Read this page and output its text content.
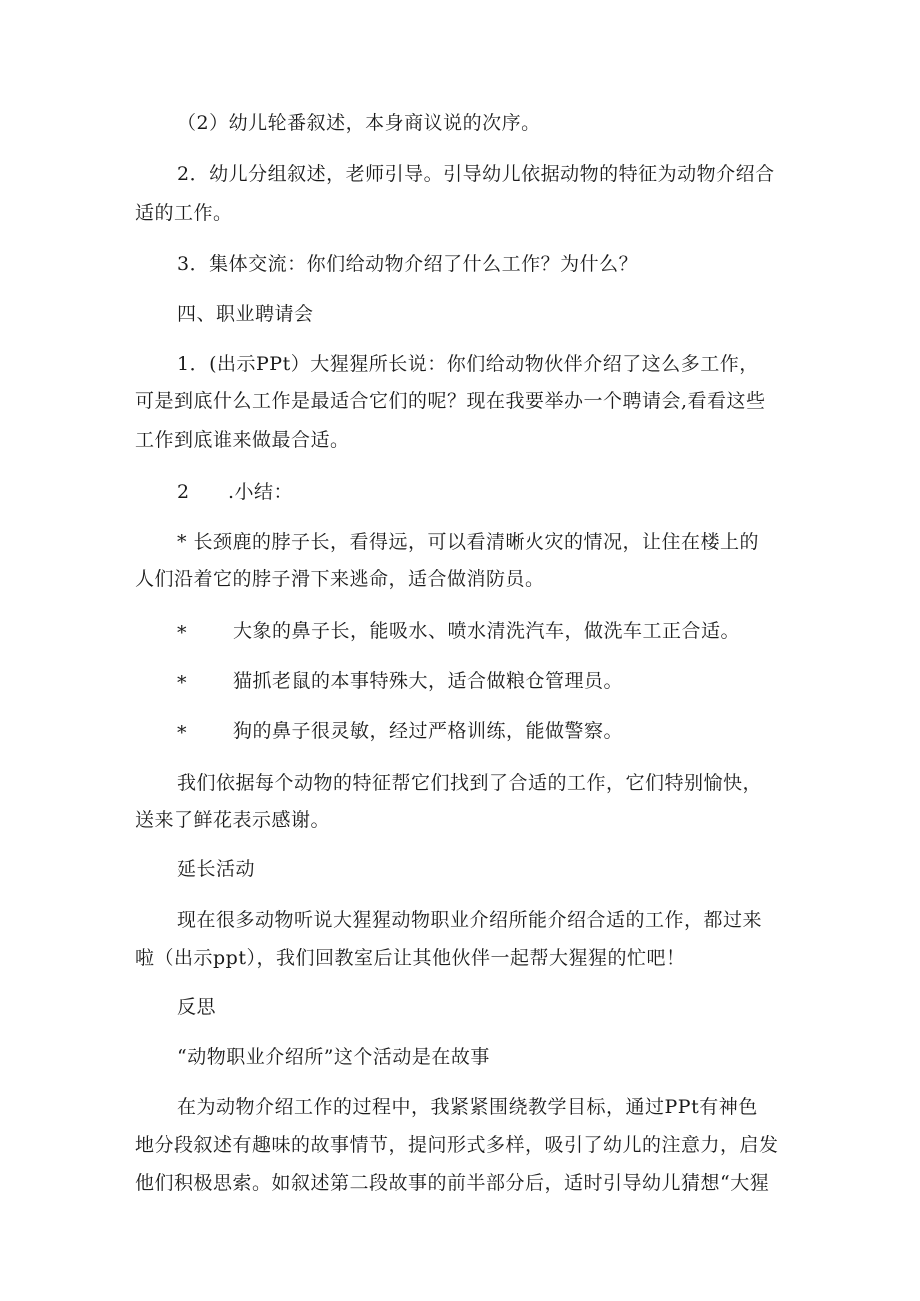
（2）幼儿轮番叙述，本身商议说的次序。
2．幼儿分组叙述，老师引导。引导幼儿依据动物的特征为动物介绍合
适的工作。
3．集体交流：你们给动物介绍了什么工作？为什么？
四、职业聘请会
1．(出示PPt）大猩猩所长说：你们给动物伙伴介绍了这么多工作，
可是到底什么工作是最适合它们的呢？现在我要举办一个聘请会,看看这些
工作到底谁来做最合适。
2 .小结：
* 长颈鹿的脖子长，看得远，可以看清晰火灾的情况，让住在楼上的
人们沿着它的脖子滑下来逃命，适合做消防员。
* 大象的鼻子长，能吸水、喷水清洗汽车，做洗车工正合适。
* 猫抓老鼠的本事特殊大，适合做粮仓管理员。
* 狗的鼻子很灵敏，经过严格训练，能做警察。
我们依据每个动物的特征帮它们找到了合适的工作，它们特别愉快，
送来了鲜花表示感谢。
延长活动
现在很多动物听说大猩猩动物职业介绍所能介绍合适的工作，都过来
啦（出示ppt），我们回教室后让其他伙伴一起帮大猩猩的忙吧！
反思
“动物职业介绍所”这个活动是在故事
在为动物介绍工作的过程中，我紧紧围绕教学目标，通过PPt有神色
地分段叙述有趣味的故事情节，提问形式多样，吸引了幼儿的注意力，启发
他们积极思索。如叙述第二段故事的前半部分后，适时引导幼儿猜想“大猩
